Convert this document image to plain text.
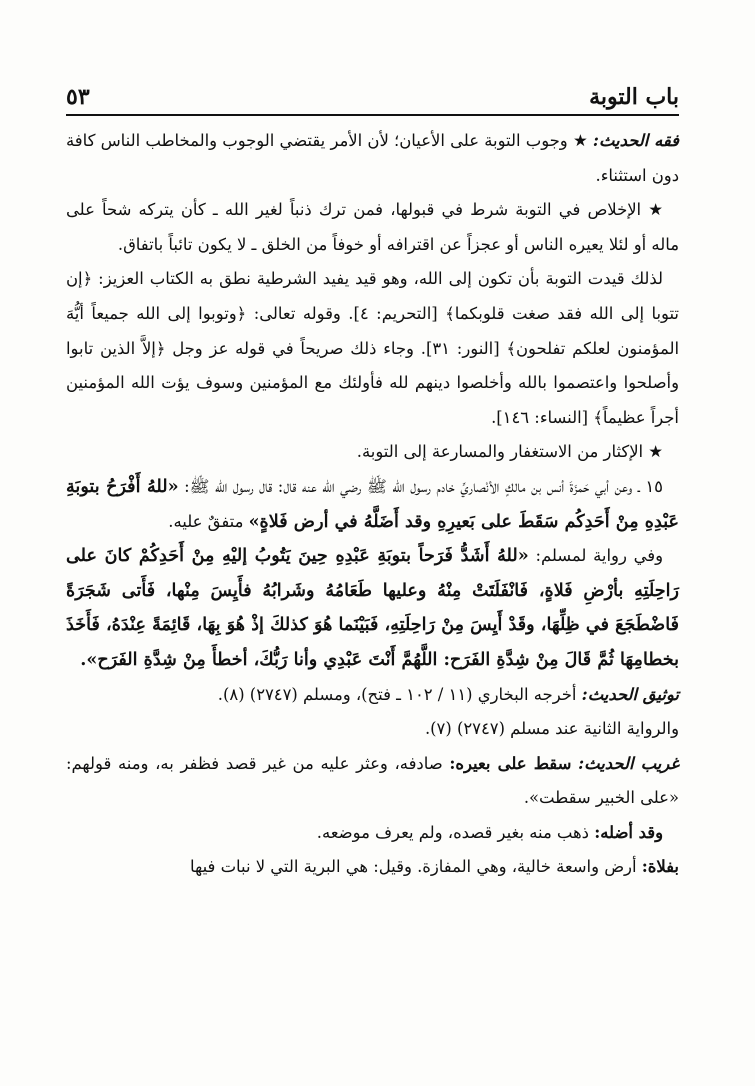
باب التوبة
٥٣

فقه الحديث: ★ وجوب التوبة على الأعيان؛ لأن الأمر يقتضي الوجوب والمخاطب الناس كافة دون استثناء.

★ الإخلاص في التوبة شرط في قبولها، فمن ترك ذنباً لغير الله ـ كأن يتركه شحاً على ماله أو لئلا يعيره الناس أو عجزاً عن اقترافه أو خوفاً من الخلق ـ لا يكون تائباً باتفاق.

لذلك قيدت التوبة بأن تكون إلى الله، وهو قيد يفيد الشرطية نطق به الكتاب العزيز: ﴿إن تتوبا إلى الله فقد صغت قلوبكما﴾ [التحريم: ٤]. وقوله تعالى: ﴿وتوبوا إلى الله جميعاً أيُّهَ المؤمنون لعلكم تفلحون﴾ [النور: ٣١]. وجاء ذلك صريحاً في قوله عز وجل ﴿إلاَّ الذين تابوا وأصلحوا واعتصموا بالله وأخلصوا دينهم لله فأولئك مع المؤمنين وسوف يؤت الله المؤمنين أجراً عظيماً﴾ [النساء: ١٤٦].

★ الإكثار من الاستغفار والمسارعة إلى التوبة.

١٥ ـ وعن أبي حَمزَةَ أنس بن مالكٍ الأنْصاريِّ خادم رسول الله ﷺ رضي الله عنه قال: قال رسول الله ﷺ: «للهُ أَفْرَحُ بتوبَةِ عَبْدِهِ مِنْ أَحَدِكُم سَقَطَ على بَعيرِهِ وقد أَضَلَّهُ في أرض فَلاةٍ» متفقٌ عليه.

وفي رواية لمسلم: «للهُ أَشَدُّ فَرَحاً بتوبَةِ عَبْدِهِ حِينَ يَتُوبُ إليْهِ مِنْ أَحَدِكُمْ كانَ على رَاحِلَتِهِ بأرْضِ فَلاةٍ، فَانْفَلَتَتْ مِنْهُ وعليها طَعَامُهُ وشَرابُهُ فأَيِسَ مِنْها، فَأَتى شَجَرَةً فَاضْطَجَعَ في ظِلِّهَا، وقَدْ أَيِسَ مِنْ رَاحِلَتِهِ، فَبَيْنَما هُوَ كذلكَ إذْ هُوَ بِهَا، قَائِمَةً عِنْدَهُ، فَأَخَذَ بخطامِهَا ثُمَّ قَالَ مِنْ شِدَّةِ الفَرَح: اللَّهُمَّ أَنْتَ عَبْدِي وأنا رَبُّكَ، أخطأَ مِنْ شِدَّةِ الفَرَح».

توثيق الحديث: أخرجه البخاري (١١ / ١٠٢ ـ فتح)، ومسلم (٢٧٤٧) (٨).

والرواية الثانية عند مسلم (٢٧٤٧) (٧).

غريب الحديث: سقط على بعيره: صادفه، وعثر عليه من غير قصد فظفر به، ومنه قولهم: «على الخبير سقطت».

وقد أضله: ذهب منه بغير قصده، ولم يعرف موضعه.

بفلاة: أرض واسعة خالية، وهي المفازة. وقيل: هي البرية التي لا نبات فيها
